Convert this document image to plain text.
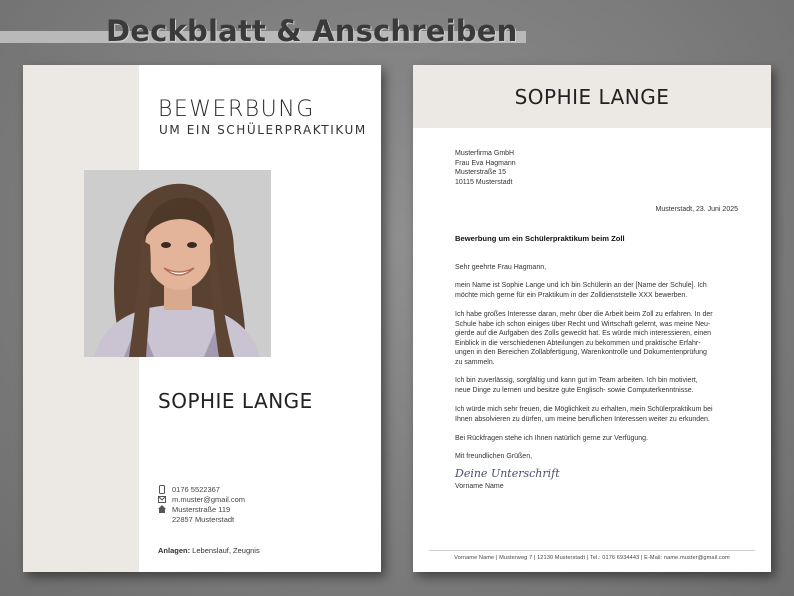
Deckblatt & Anschreiben
BEWERBUNG
UM EIN SCHÜLERPRAKTIKUM
SOPHIE LANGE
0176 5522367
m.muster@gmail.com
Musterstraße 119
22857 Musterstadt
Anlagen: Lebenslauf, Zeugnis
SOPHIE LANGE
Musterfirma GmbH
Frau Eva Hagmann
Musterstraße 15
10115 Musterstadt
Musterstadt, 23. Juni 2025
Bewerbung um ein Schülerpraktikum beim Zoll
Sehr geehrte Frau Hagmann,
mein Name ist Sophie Lange und ich bin Schülerin an der [Name der Schule]. Ich
möchte mich gerne für ein Praktikum in der Zolldienststelle XXX bewerben.
Ich habe großes Interesse daran, mehr über die Arbeit beim Zoll zu erfahren. In der
Schule habe ich schon einiges über Recht und Wirtschaft gelernt, was meine Neu-
gierde auf die Aufgaben des Zolls geweckt hat. Es würde mich interessieren, einen
Einblick in die verschiedenen Abteilungen zu bekommen und praktische Erfahr-
ungen in den Bereichen Zollabfertigung, Warenkontrolle und Dokumentenprüfung
zu sammeln.
Ich bin zuverlässig, sorgfältig und kann gut im Team arbeiten. Ich bin motiviert,
neue Dinge zu lernen und besitze gute Englisch- sowie Computerkenntnisse.
Ich würde mich sehr freuen, die Möglichkeit zu erhalten, mein Schülerpraktikum bei
Ihnen absolvieren zu dürfen, um meine beruflichen Interessen weiter zu erkunden.
Bei Rückfragen stehe ich Ihnen natürlich gerne zur Verfügung.
Mit freundlichen Grüßen,
Deine Unterschrift
Vorname Name
Vorname Name | Musterweg 7 | 12130 Musterstadt | Tel.: 0176 6934443 | E-Mail: name.muster@gmail.com
